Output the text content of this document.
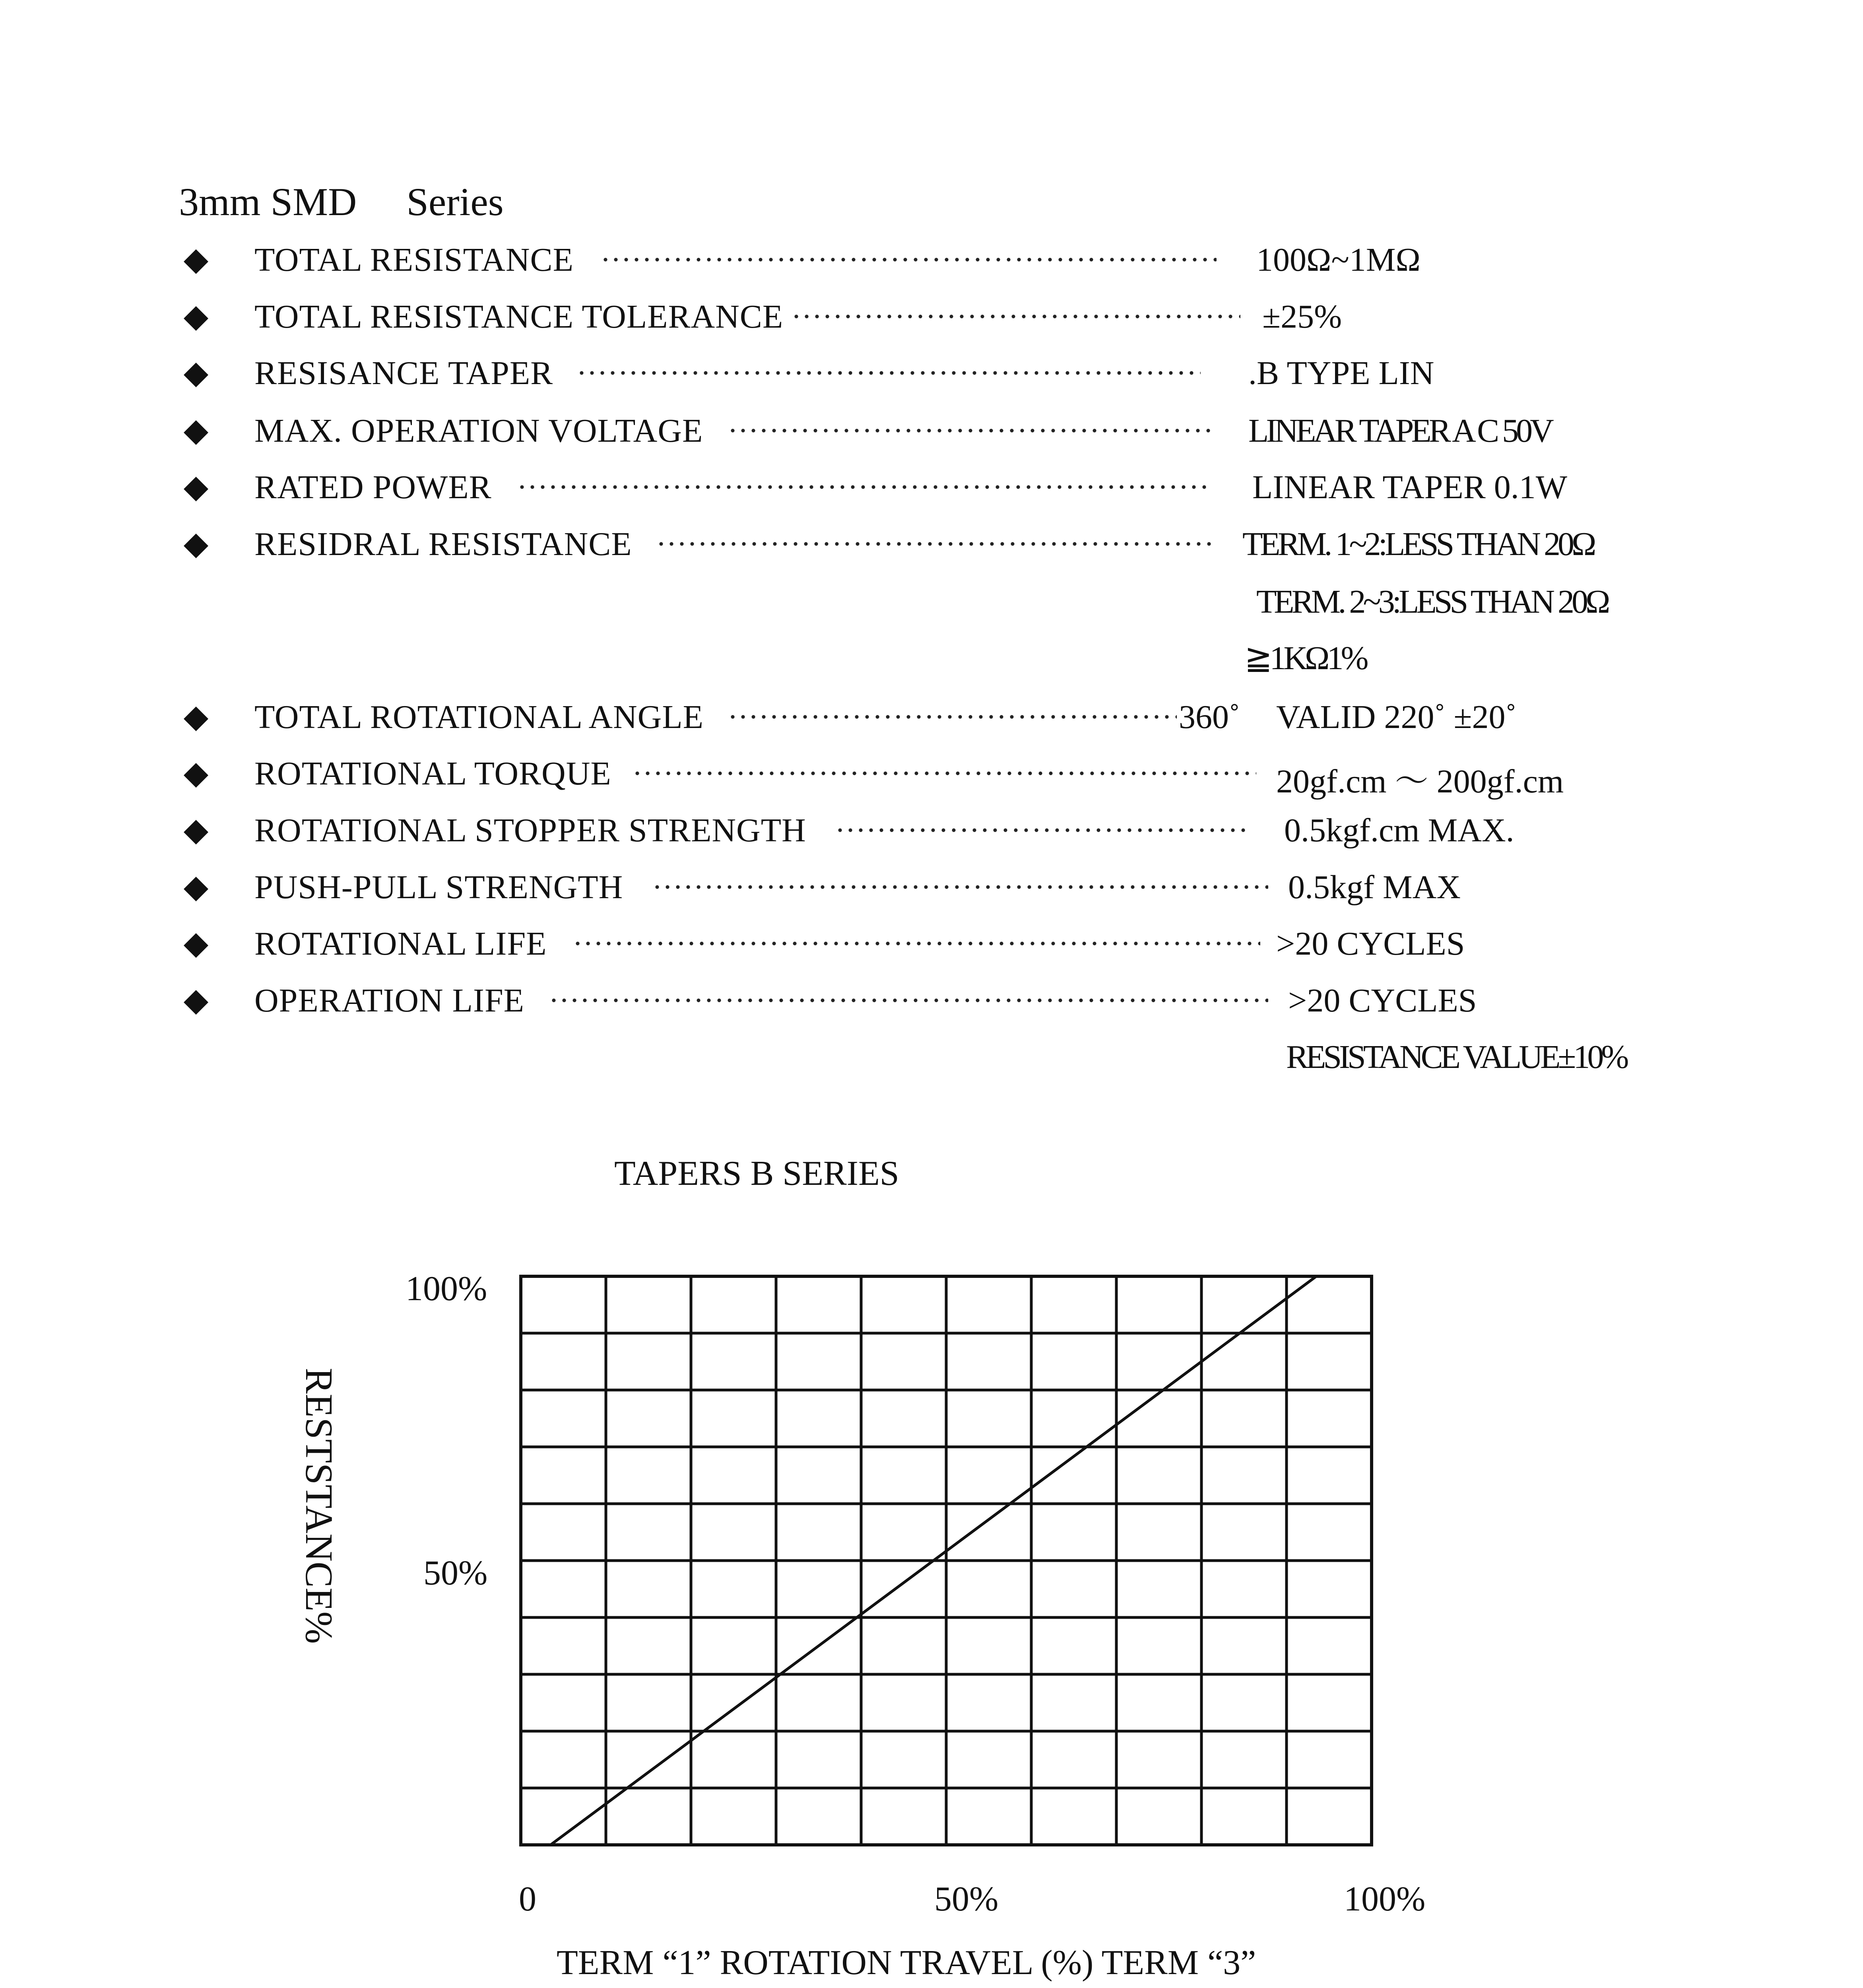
3mm SMD     Series
TOTAL RESISTANCE	100Ω~1MΩ
TOTAL RESISTANCE TOLERANCE	±25%
RESISANCE TAPER	.B TYPE LIN
MAX. OPERATION VOLTAGE	LINEAR TAPER A C 50V
RATED POWER	LINEAR TAPER 0.1W
RESIDRAL RESISTANCE	TERM. 1~2:LESS THAN 20Ω
TERM. 2~3:LESS THAN 20Ω
≧1KΩ1%
TOTAL ROTATIONAL ANGLE	360˚ VALID 220˚ ±20˚
ROTATIONAL TORQUE	20gf.cm ～ 200gf.cm
ROTATIONAL STOPPER STRENGTH	0.5kgf.cm MAX.
PUSH-PULL STRENGTH	0.5kgf MAX
ROTATIONAL LIFE	>20 CYCLES
OPERATION LIFE	>20 CYCLES
RESISTANCE VALUE±10%
TAPERS B SERIES
50%
100%
0	50%	100%
TERM “1” ROTATION TRAVEL (%) TERM “3”
RESTSTANCE%
